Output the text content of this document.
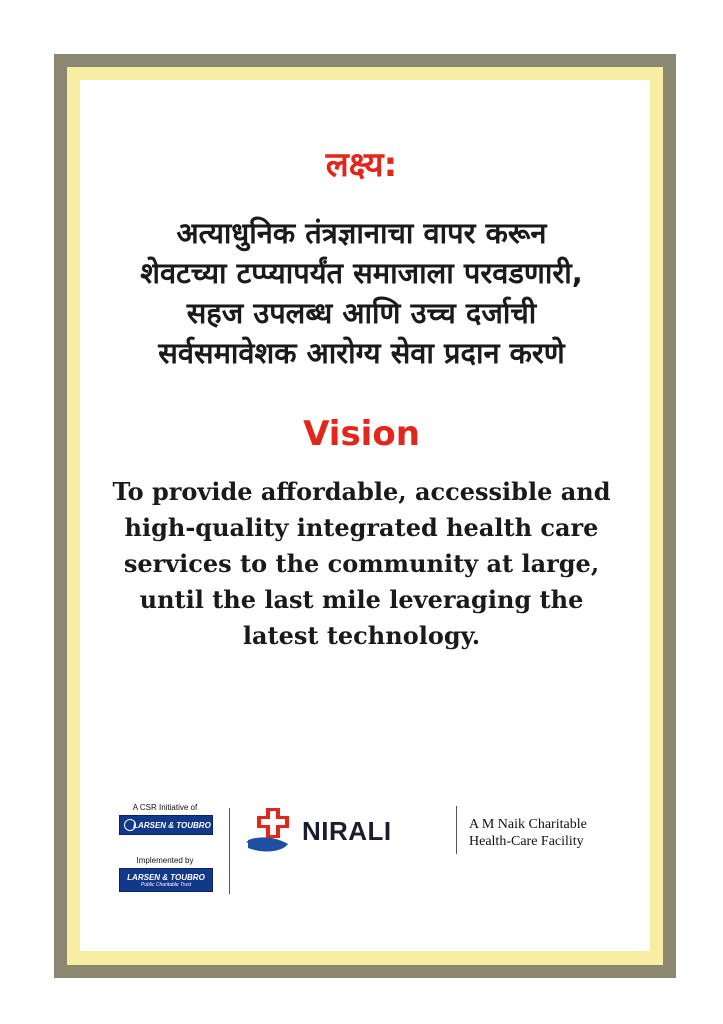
लक्ष्य:
अत्याधुनिक तंत्रज्ञानाचा वापर करून
शेवटच्या टप्प्यापर्यंत समाजाला परवडणारी,
सहज उपलब्ध आणि उच्च दर्जाची
सर्वसमावेशक आरोग्य सेवा प्रदान करणे
Vision
To provide affordable, accessible and
high-quality integrated health care
services to the community at large,
until the last mile leveraging the
latest technology.
A CSR Initiative of
LARSEN & TOUBRO
Implemented by
LARSEN & TOUBRO
Public Charitable Trust
NIRALI	A M Naik Charitable
Health-Care Facility
